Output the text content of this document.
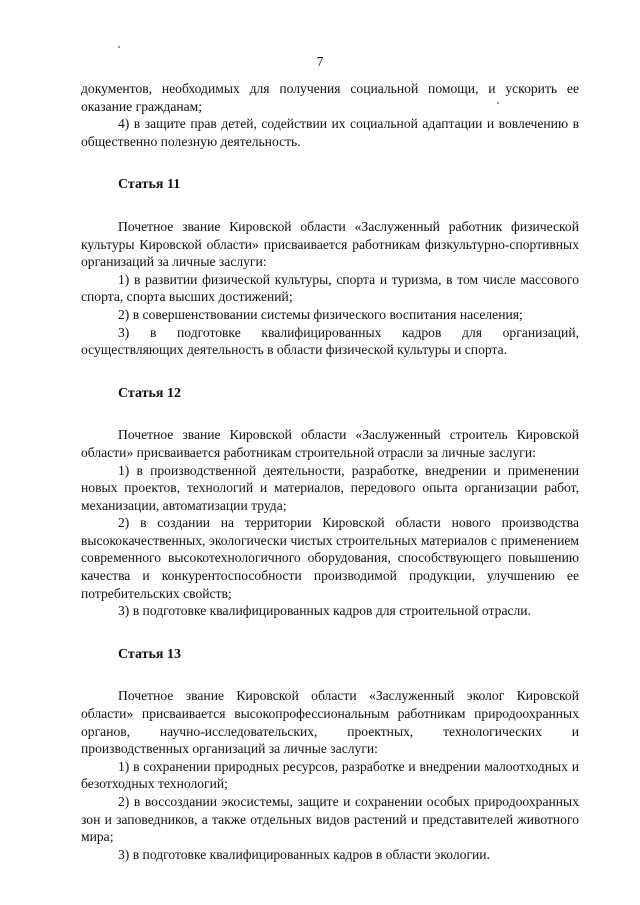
7

документов, необходимых для получения социальной помощи, и ускорить ее оказание гражданам;

4) в защите прав детей, содействии их социальной адаптации и вовлечению в общественно полезную деятельность.

Статья 11

Почетное звание Кировской области «Заслуженный работник физической культуры Кировской области» присваивается работникам физкультурно-спортивных организаций за личные заслуги:

1) в развитии физической культуры, спорта и туризма, в том числе массового спорта, спорта высших достижений;

2) в совершенствовании системы физического воспитания населения;

3) в подготовке квалифицированных кадров для организаций, осуществляющих деятельность в области физической культуры и спорта.

Статья 12

Почетное звание Кировской области «Заслуженный строитель Кировской области» присваивается работникам строительной отрасли за личные заслуги:

1) в производственной деятельности, разработке, внедрении и применении новых проектов, технологий и материалов, передового опыта организации работ, механизации, автоматизации труда;

2) в создании на территории Кировской области нового производства высококачественных, экологически чистых строительных материалов с применением современного высокотехнологичного оборудования, способствующего повышению качества и конкурентоспособности производимой продукции, улучшению ее потребительских свойств;

3) в подготовке квалифицированных кадров для строительной отрасли.

Статья 13

Почетное звание Кировской области «Заслуженный эколог Кировской области» присваивается высокопрофессиональным работникам природоохранных органов, научно-исследовательских, проектных, технологических и производственных организаций за личные заслуги:

1) в сохранении природных ресурсов, разработке и внедрении малоотходных и безотходных технологий;

2) в воссоздании экосистемы, защите и сохранении особых природоохранных зон и заповедников, а также отдельных видов растений и представителей животного мира;

3) в подготовке квалифицированных кадров в области экологии.
